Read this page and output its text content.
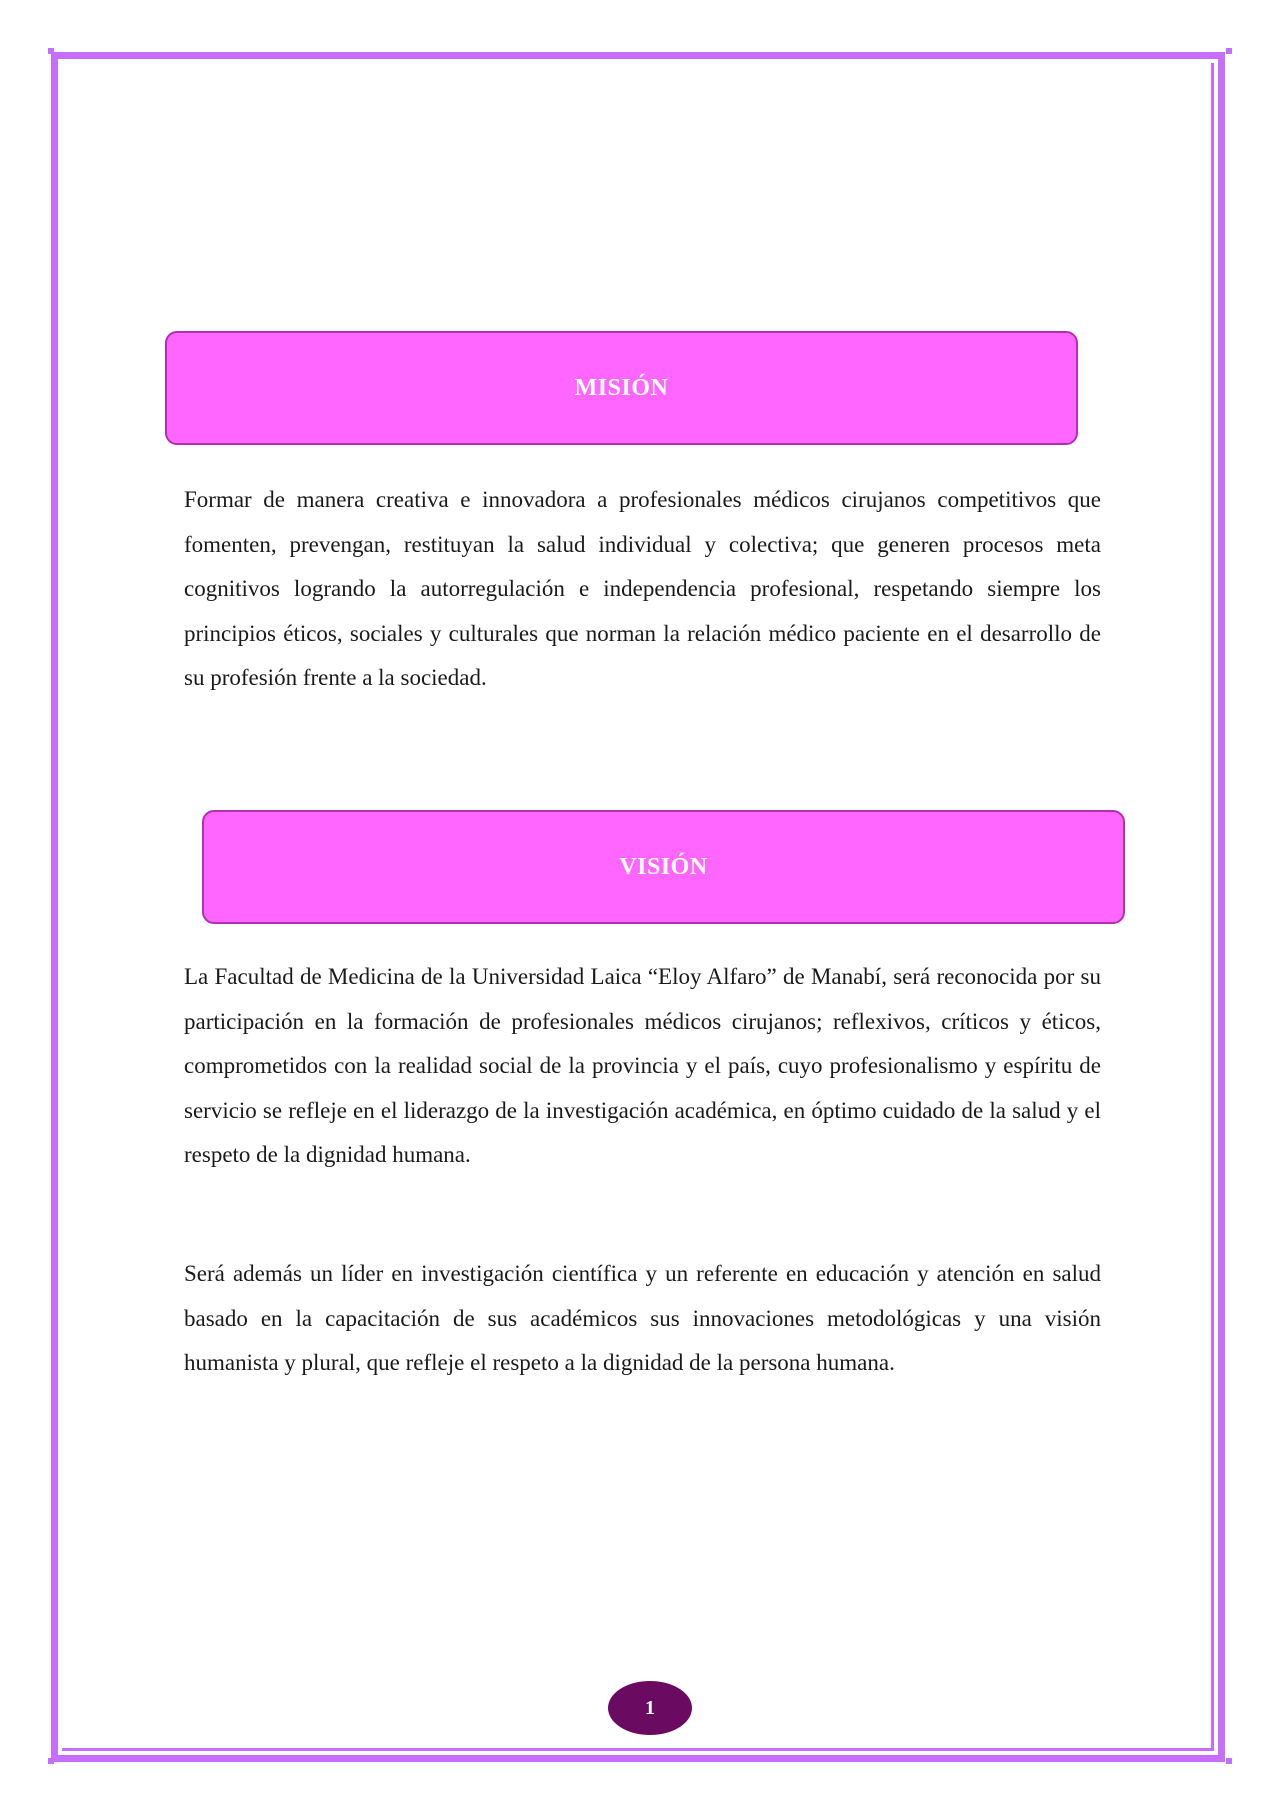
MISIÓN

Formar de manera creativa e innovadora a profesionales médicos cirujanos competitivos que fomenten, prevengan, restituyan la salud individual y colectiva; que generen procesos meta cognitivos logrando la autorregulación e independencia profesional, respetando siempre los principios éticos, sociales y culturales que norman la relación médico paciente en el desarrollo de su profesión frente a la sociedad.

VISIÓN

La Facultad de Medicina de la Universidad Laica “Eloy Alfaro” de Manabí, será reconocida por su participación en la formación de profesionales médicos cirujanos; reflexivos, críticos y éticos, comprometidos con la realidad social de la provincia y el país, cuyo profesionalismo y espíritu de servicio se refleje en el liderazgo de la investigación académica, en óptimo cuidado de la salud y el respeto de la dignidad humana.

Será además un líder en investigación científica y un referente en educación y atención en salud basado en la capacitación de sus académicos sus innovaciones metodológicas y una visión humanista y plural, que refleje el respeto a la dignidad de la persona humana.

1
